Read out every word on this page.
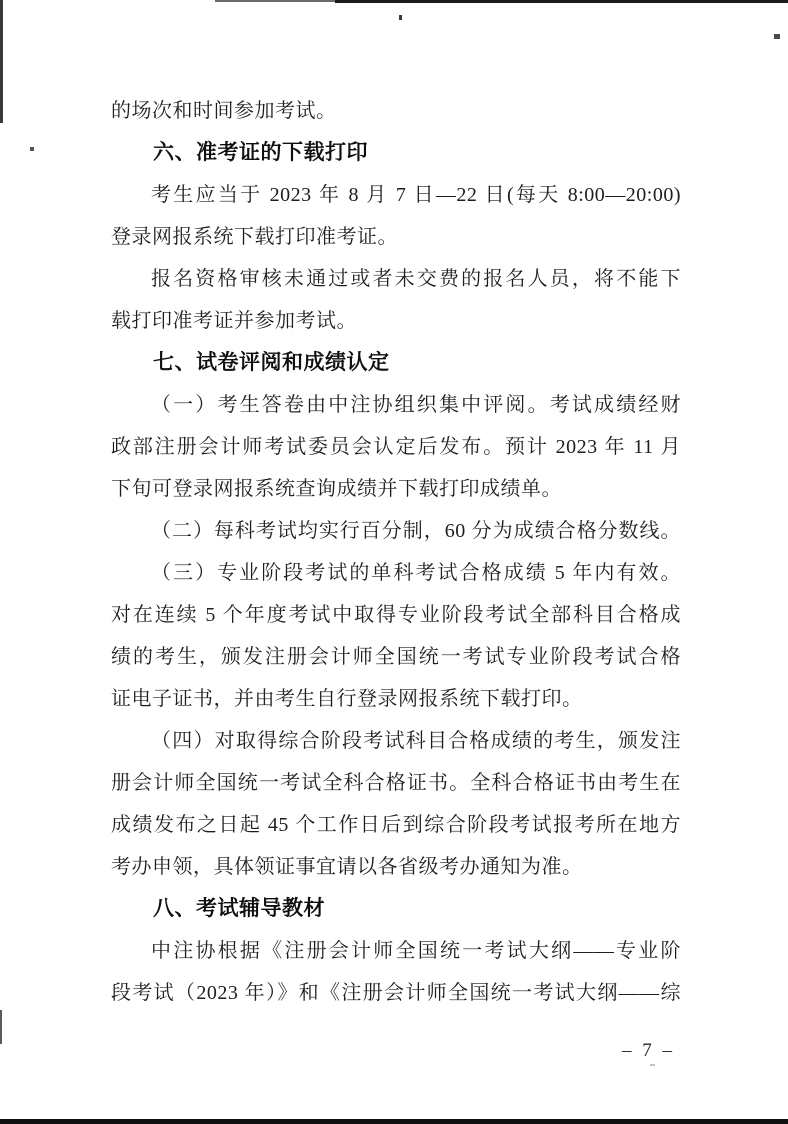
的场次和时间参加考试。
六、准考证的下载打印
考生应当于 2023 年 8 月 7 日—22 日(每天 8:00—20:00)
登录网报系统下载打印准考证。
报名资格审核未通过或者未交费的报名人员，将不能下
载打印准考证并参加考试。
七、试卷评阅和成绩认定
（一）考生答卷由中注协组织集中评阅。考试成绩经财
政部注册会计师考试委员会认定后发布。预计 2023 年 11 月
下旬可登录网报系统查询成绩并下载打印成绩单。
（二）每科考试均实行百分制，60 分为成绩合格分数线。
（三）专业阶段考试的单科考试合格成绩 5 年内有效。
对在连续 5 个年度考试中取得专业阶段考试全部科目合格成
绩的考生，颁发注册会计师全国统一考试专业阶段考试合格
证电子证书，并由考生自行登录网报系统下载打印。
（四）对取得综合阶段考试科目合格成绩的考生，颁发注
册会计师全国统一考试全科合格证书。全科合格证书由考生在
成绩发布之日起 45 个工作日后到综合阶段考试报考所在地方
考办申领，具体领证事宜请以各省级考办通知为准。
八、考试辅导教材
中注协根据《注册会计师全国统一考试大纲——专业阶
段考试（2023 年）》和《注册会计师全国统一考试大纲——综
– 7 –
